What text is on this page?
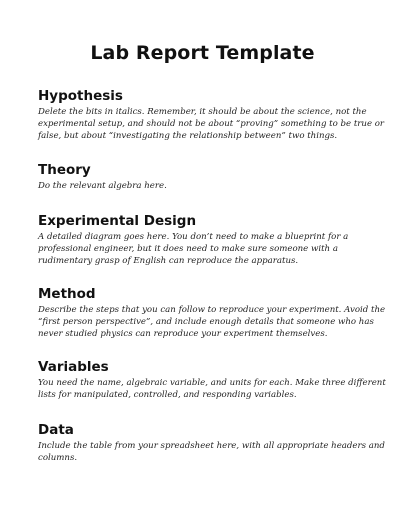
Lab Report Template
Hypothesis
Delete the bits in italics. Remember, it should be about the science, not the
experimental setup, and should not be about “proving” something to be true or
false, but about “investigating the relationship between” two things.
Theory
Do the relevant algebra here.
Experimental Design
A detailed diagram goes here. You don’t need to make a blueprint for a
professional engineer, but it does need to make sure someone with a
rudimentary grasp of English can reproduce the apparatus.
Method
Describe the steps that you can follow to reproduce your experiment. Avoid the
“first person perspective”, and include enough details that someone who has
never studied physics can reproduce your experiment themselves.
Variables
You need the name, algebraic variable, and units for each. Make three different
lists for manipulated, controlled, and responding variables.
Data
Include the table from your spreadsheet here, with all appropriate headers and
columns.
